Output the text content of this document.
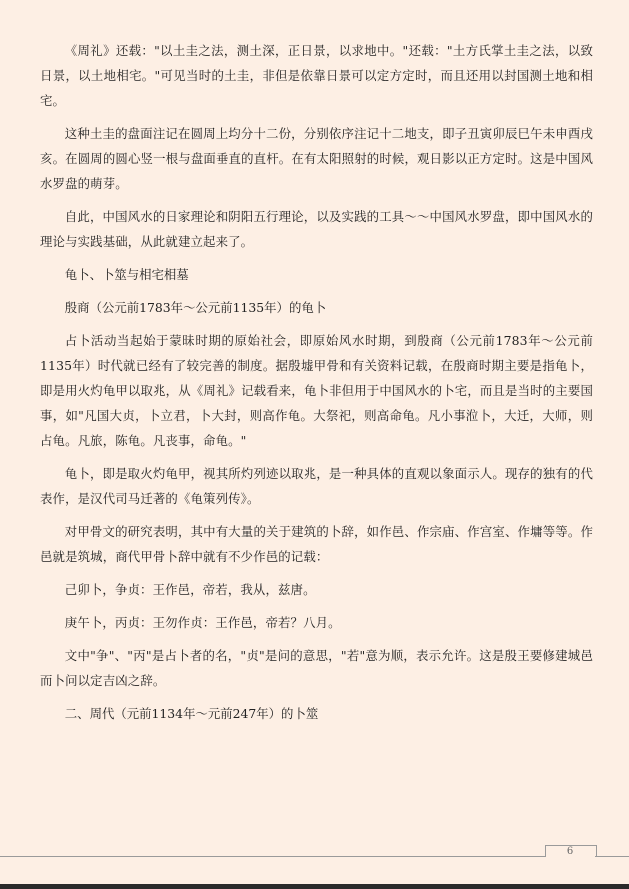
《周礼》还载："以土圭之法，测土深，正日景，以求地中。"还载："土方氏掌土圭之法，以致日景，以土地相宅。"可见当时的土圭，非但是依靠日景可以定方定时，而且还用以封国测土地和相宅。

这种土圭的盘面注记在圆周上均分十二份，分别依序注记十二地支，即子丑寅卯辰巳午未申酉戌亥。在圆周的圆心竖一根与盘面垂直的直杆。在有太阳照射的时候，观日影以正方定时。这是中国风水罗盘的萌芽。

自此，中国风水的日家理论和阴阳五行理论，以及实践的工具～～中国风水罗盘，即中国风水的理论与实践基础，从此就建立起来了。

龟卜、卜筮与相宅相墓

殷商（公元前1783年～公元前1135年）的龟卜

占卜活动当起始于蒙昧时期的原始社会，即原始风水时期，到殷商（公元前1783年～公元前1135年）时代就已经有了较完善的制度。据殷墟甲骨和有关资料记载，在殷商时期主要是指龟卜，即是用火灼龟甲以取兆，从《周礼》记载看来，龟卜非但用于中国风水的卜宅，而且是当时的主要国事，如"凡国大贞，卜立君，卜大封，则高作龟。大祭祀，则高命龟。凡小事涖卜，大迁，大师，则占龟。凡旅，陈龟。凡丧事，命龟。"

龟卜，即是取火灼龟甲，视其所灼列迹以取兆，是一种具体的直观以象面示人。现存的独有的代表作，是汉代司马迁著的《龟策列传》。

对甲骨文的研究表明，其中有大量的关于建筑的卜辞，如作邑、作宗庙、作宫室、作墉等等。作邑就是筑城，商代甲骨卜辞中就有不少作邑的记载：

己卯卜，争贞：王作邑，帝若，我从，兹唐。

庚午卜，丙贞：王勿作贞：王作邑，帝若？八月。

文中"争"、"丙"是占卜者的名，"贞"是问的意思，"若"意为顺，表示允许。这是殷王要修建城邑而卜问以定吉凶之辞。

二、周代（元前1134年～元前247年）的卜筮

6
